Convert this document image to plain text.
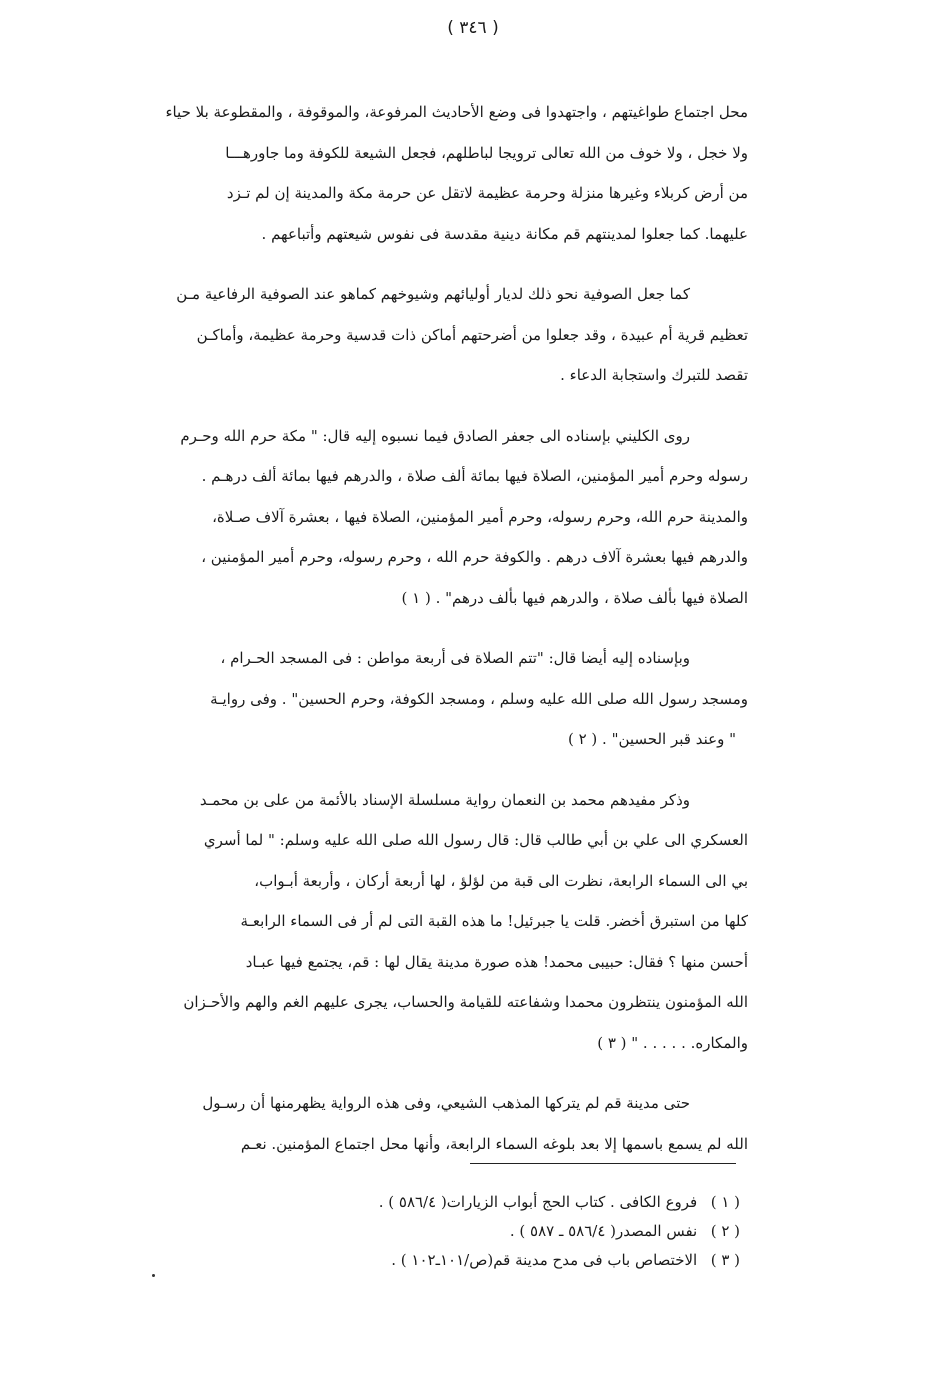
( ٣٤٦ )

محل اجتماع طواغيتهم ، واجتهدوا فى وضع الأحاديث المرفوعة، والموقوفة ، والمقطوعة بلا حياء
ولا خجل ، ولا خوف من الله تعالى ترويجا لباطلهم، فجعل الشيعة للكوفة وما جاورهـــا
من أرض كربلاء وغيرها منزلة وحرمة عظيمة لاتقل عن حرمة مكة والمدينة إن لم تـزد
عليهما. كما جعلوا لمدينتهم قم مكانة دينية مقدسة فى نفوس شيعتهم وأتباعهم .

كما جعل الصوفية نحو ذلك لديار أوليائهم وشيوخهم كماهو عند الصوفية الرفاعية مـن
تعظيم قرية أم عبيدة ، وقد جعلوا من أضرحتهم أماكن ذات قدسية وحرمة عظيمة، وأماكـن
تقصد للتبرك واستجابة الدعاء .

روى الكليني بإسناده الى جعفر الصادق فيما نسبوه إليه قال: " مكة حرم الله وحـرم
رسوله وحرم أمير المؤمنين، الصلاة فيها بمائة ألف صلاة ، والدرهم فيها بمائة ألف درهـم .
والمدينة حرم الله، وحرم رسوله، وحرم أمير المؤمنين، الصلاة فيها ، بعشرة آلاف صـلاة،
والدرهم فيها بعشرة آلاف درهم . والكوفة حرم الله ، وحرم رسوله، وحرم أمير المؤمنين ،
الصلاة فيها بألف صلاة ، والدرهم فيها بألف درهم" . ( ١ )

وبإسناده إليه أيضا قال: "تتم الصلاة فى أربعة مواطن : فى المسجد الحـرام ،
ومسجد رسول الله صلى الله عليه وسلم ، ومسجد الكوفة، وحرم الحسين" . وفى روايـة
" وعند قبر الحسين" . ( ٢ )

وذكر مفيدهم محمد بن النعمان رواية مسلسلة الإسناد بالأئمة من على بن محمـد
العسكري الى علي بن أبي طالب قال: قال رسول الله صلى الله عليه وسلم: " لما أسري
بي الى السماء الرابعة، نظرت الى قبة من لؤلؤ ، لها أربعة أركان ، وأربعة أبـواب،
كلها من استبرق أخضر. قلت يا جبرئيل! ما هذه القبة التى لم أر فى السماء الرابعـة
أحسن منها ؟ فقال: حبيبى محمد! هذه صورة مدينة يقال لها : قم، يجتمع فيها عبـاد
الله المؤمنون ينتظرون محمدا وشفاعته للقيامة والحساب، يجرى عليهم الغم والهم والأحـزان
والمكاره. . . . . . " ( ٣ )

حتى مدينة قم لم يتركها المذهب الشيعي، وفى هذه الرواية يظهرمنها أن رسـول
الله لم يسمع باسمها إلا بعد بلوغه السماء الرابعة، وأنها محل اجتماع المؤمنين. نعـم

( ١ ) فروع الكافى . كتاب الحج أبواب الزيارات( ٥٨٦/٤ ) .
( ٢ ) نفس المصدر( ٥٨٦/٤ ـ ٥٨٧ ) .
( ٣ ) الاختصاص باب فى مدح مدينة قم(ص/١٠١ـ١٠٢ ) .
